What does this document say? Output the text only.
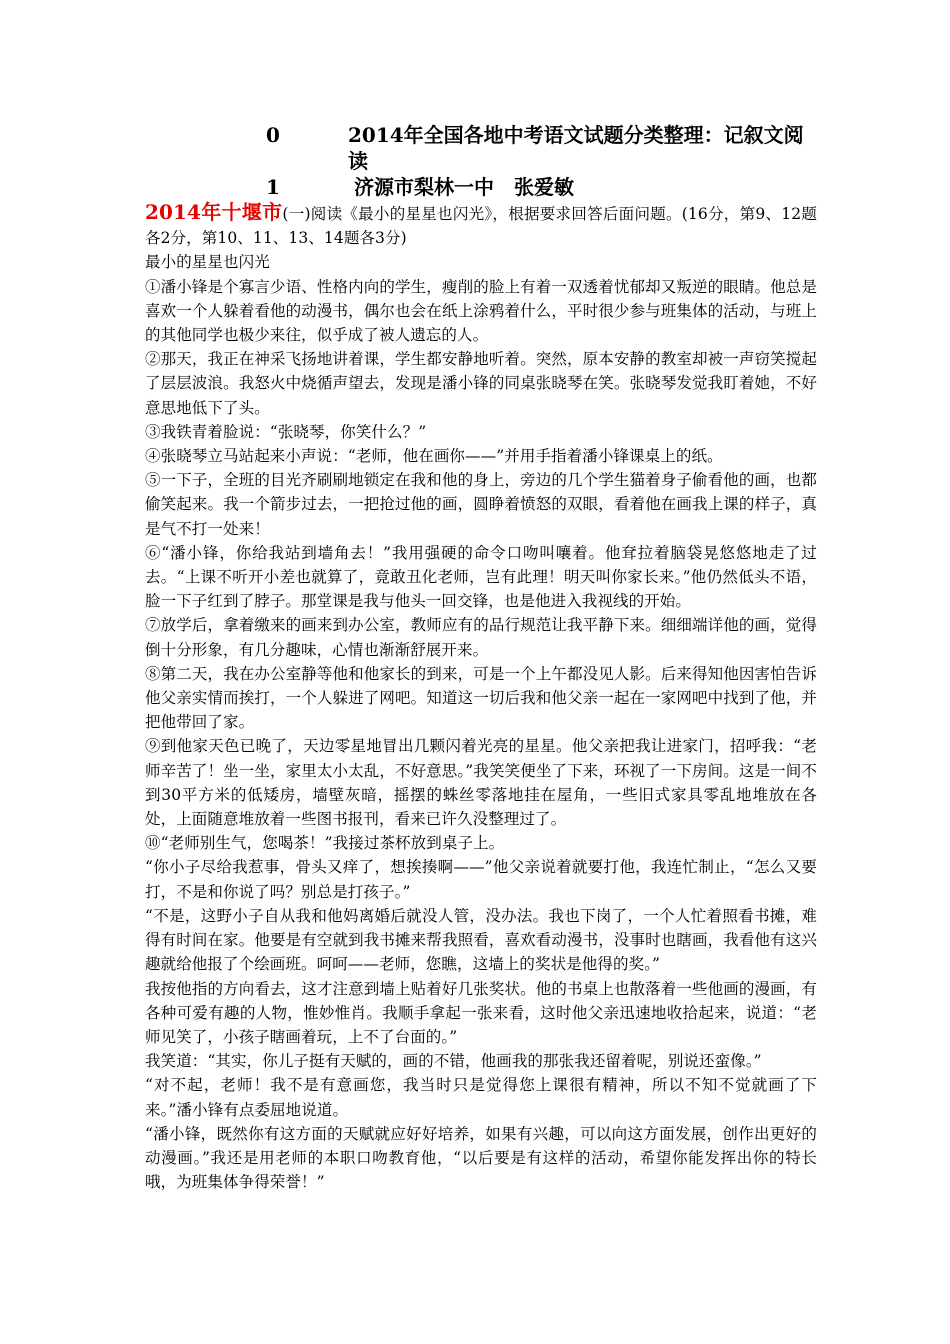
0	2014年全国各地中考语文试题分类整理：记叙文阅读
1	济源市梨林一中　张爱敏

2014年十堰市(一)阅读《最小的星星也闪光》，根据要求回答后面问题。(16分，第9、12题各2分，第10、11、13、14题各3分)

最小的星星也闪光

①潘小锋是个寡言少语、性格内向的学生，瘦削的脸上有着一双透着忧郁却又叛逆的眼睛。他总是喜欢一个人躲着看他的动漫书，偶尔也会在纸上涂鸦着什么，平时很少参与班集体的活动，与班上的其他同学也极少来往，似乎成了被人遗忘的人。

②那天，我正在神采飞扬地讲着课，学生都安静地听着。突然，原本安静的教室却被一声窃笑搅起了层层波浪。我怒火中烧循声望去，发现是潘小锋的同桌张晓琴在笑。张晓琴发觉我盯着她，不好意思地低下了头。

③我铁青着脸说：“张晓琴，你笑什么？”

④张晓琴立马站起来小声说：“老师，他在画你——”并用手指着潘小锋课桌上的纸。

⑤一下子，全班的目光齐刷刷地锁定在我和他的身上，旁边的几个学生猫着身子偷看他的画，也都偷笑起来。我一个箭步过去，一把抢过他的画，圆睁着愤怒的双眼，看着他在画我上课的样子，真是气不打一处来！

⑥“潘小锋，你给我站到墙角去！”我用强硬的命令口吻叫嚷着。他耷拉着脑袋晃悠悠地走了过去。“上课不听开小差也就算了，竟敢丑化老师，岂有此理！明天叫你家长来。”他仍然低头不语，脸一下子红到了脖子。那堂课是我与他头一回交锋，也是他进入我视线的开始。

⑦放学后，拿着缴来的画来到办公室，教师应有的品行规范让我平静下来。细细端详他的画，觉得倒十分形象，有几分趣味，心情也渐渐舒展开来。

⑧第二天，我在办公室静等他和他家长的到来，可是一个上午都没见人影。后来得知他因害怕告诉他父亲实情而挨打，一个人躲进了网吧。知道这一切后我和他父亲一起在一家网吧中找到了他，并把他带回了家。

⑨到他家天色已晚了，天边零星地冒出几颗闪着光亮的星星。他父亲把我让进家门，招呼我：“老师辛苦了！坐一坐，家里太小太乱，不好意思。”我笑笑便坐了下来，环视了一下房间。这是一间不到30平方米的低矮房，墙壁灰暗，摇摆的蛛丝零落地挂在屋角，一些旧式家具零乱地堆放在各处，上面随意堆放着一些图书报刊，看来已许久没整理过了。

⑩“老师别生气，您喝茶！”我接过茶杯放到桌子上。

“你小子尽给我惹事，骨头又痒了，想挨揍啊——”他父亲说着就要打他，我连忙制止，“怎么又要打，不是和你说了吗？别总是打孩子。”

“不是，这野小子自从我和他妈离婚后就没人管，没办法。我也下岗了，一个人忙着照看书摊，难得有时间在家。他要是有空就到我书摊来帮我照看，喜欢看动漫书，没事时也瞎画，我看他有这兴趣就给他报了个绘画班。呵呵——老师，您瞧，这墙上的奖状是他得的奖。”

我按他指的方向看去，这才注意到墙上贴着好几张奖状。他的书桌上也散落着一些他画的漫画，有各种可爱有趣的人物，惟妙惟肖。我顺手拿起一张来看，这时他父亲迅速地收拾起来，说道：“老师见笑了，小孩子瞎画着玩，上不了台面的。”

我笑道：“其实，你儿子挺有天赋的，画的不错，他画我的那张我还留着呢，别说还蛮像。”

“对不起，老师！我不是有意画您，我当时只是觉得您上课很有精神，所以不知不觉就画了下来。”潘小锋有点委屈地说道。

“潘小锋，既然你有这方面的天赋就应好好培养，如果有兴趣，可以向这方面发展，创作出更好的动漫画。”我还是用老师的本职口吻教育他，“以后要是有这样的活动，希望你能发挥出你的特长哦，为班集体争得荣誉！”
